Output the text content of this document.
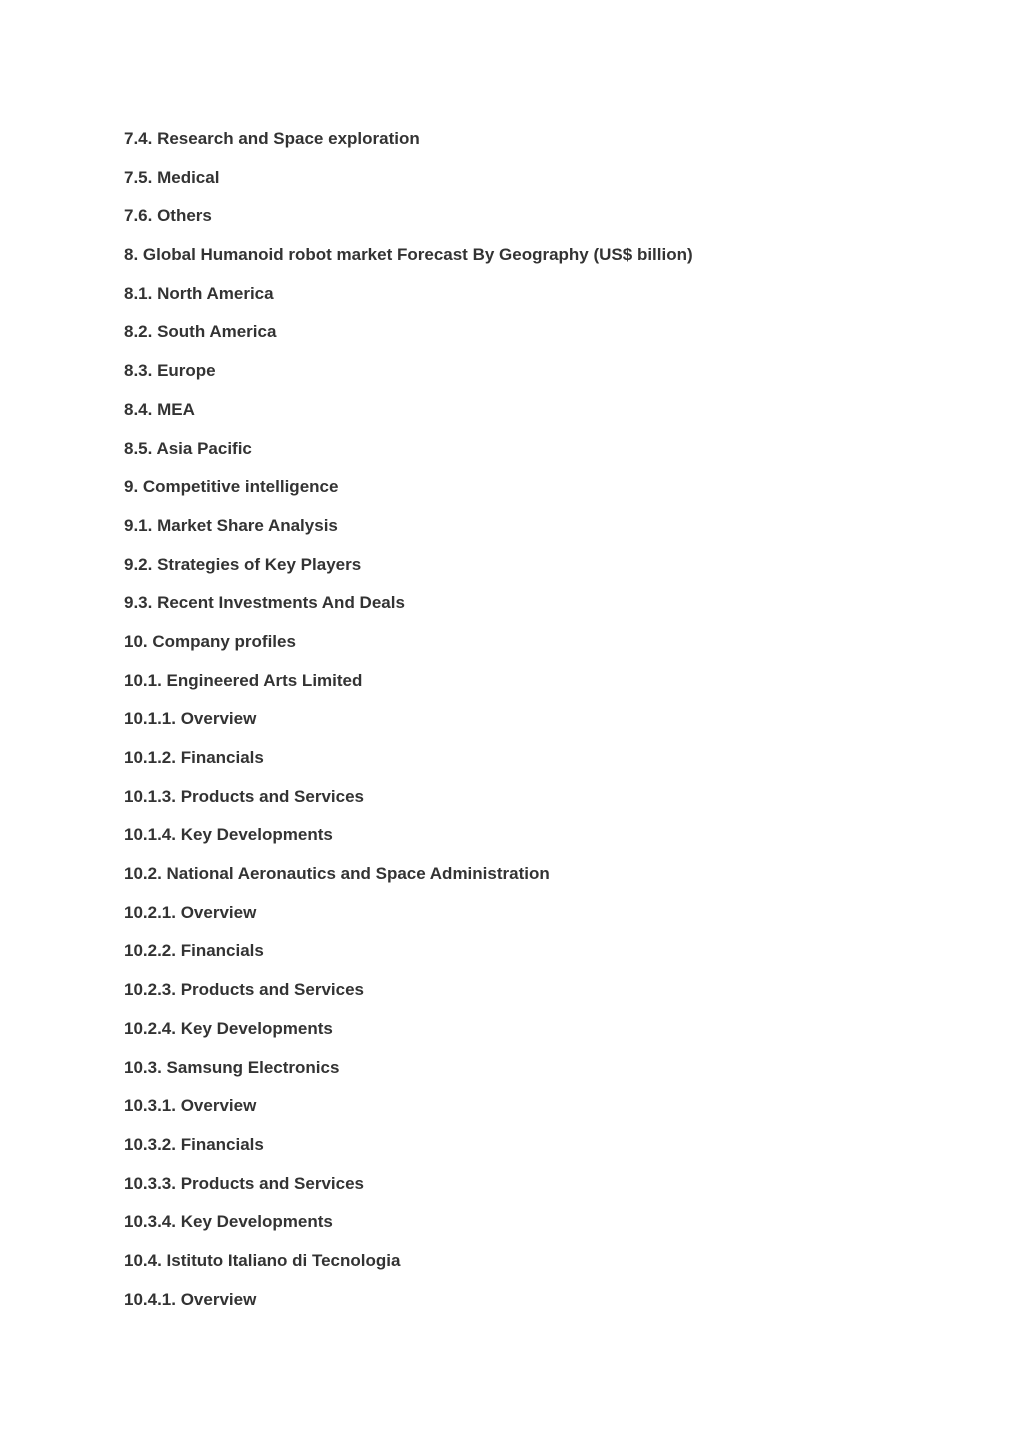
7.4. Research and Space exploration
7.5. Medical
7.6. Others
8. Global Humanoid robot market Forecast By Geography (US$ billion)
8.1. North America
8.2. South America
8.3. Europe
8.4. MEA
8.5. Asia Pacific
9. Competitive intelligence
9.1. Market Share Analysis
9.2. Strategies of Key Players
9.3. Recent Investments And Deals
10. Company profiles
10.1. Engineered Arts Limited
10.1.1. Overview
10.1.2. Financials
10.1.3. Products and Services
10.1.4. Key Developments
10.2. National Aeronautics and Space Administration
10.2.1. Overview
10.2.2. Financials
10.2.3. Products and Services
10.2.4. Key Developments
10.3. Samsung Electronics
10.3.1. Overview
10.3.2. Financials
10.3.3. Products and Services
10.3.4. Key Developments
10.4. Istituto Italiano di Tecnologia
10.4.1. Overview
